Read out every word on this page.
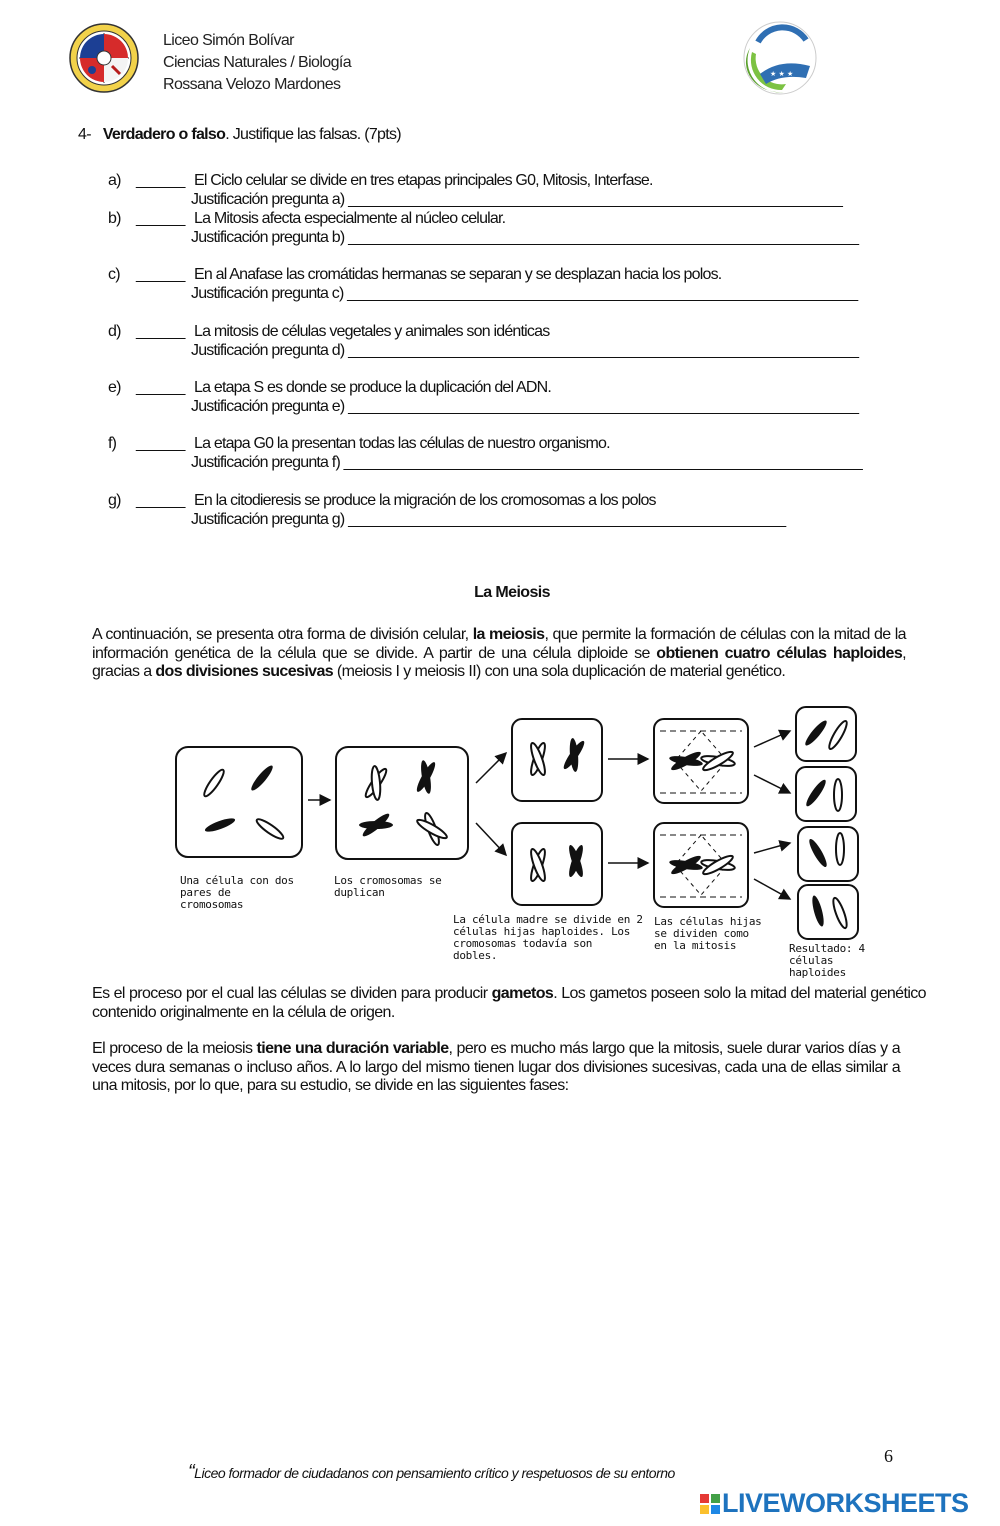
Liceo Simón Bolívar
Ciencias Naturales / Biología
Rossana Velozo Mardones
★ ★ ★
4- Verdadero o falso. Justifique las falsas. (7pts)
a) ______ El Ciclo celular se divide en tres etapas principales G0, Mitosis, Interfase.
Justificación pregunta a) _____________________________________________________________
b) ______ La Mitosis afecta especialmente al núcleo celular.
Justificación pregunta b) _______________________________________________________________
c) ______ En al Anafase las cromátidas hermanas se separan y se desplazan hacia los polos.
Justificación pregunta c) _______________________________________________________________
d) ______ La mitosis de células vegetales y animales son idénticas
Justificación pregunta d) _______________________________________________________________
e) ______ La etapa S es donde se produce la duplicación del ADN.
Justificación pregunta e) _______________________________________________________________
f) ______ La etapa G0 la presentan todas las células de nuestro organismo.
Justificación pregunta f) ________________________________________________________________
g) ______ En la citodieresis se produce la migración de los cromosomas a los polos
Justificación pregunta g) ______________________________________________________
La Meiosis
A continuación, se presenta otra forma de división celular, la meiosis, que permite la formación de células con la mitad de la información genética de la célula que se divide. A partir de una célula diploide se obtienen cuatro células haploides, gracias a dos divisiones sucesivas (meiosis I y meiosis II) con una sola duplicación de material genético.
Una célula con dos
pares de
cromosomas
Los cromosomas se
duplican
La célula madre se divide en 2
células hijas haploides. Los
cromosomas todavía son
dobles.
Las células hijas
se dividen como
en la mitosis	Resultado: 4
células
haploides
Es el proceso por el cual las células se dividen para producir gametos. Los gametos poseen solo la mitad del material genético contenido originalmente en la célula de origen.
El proceso de la meiosis tiene una duración variable, pero es mucho más largo que la mitosis, suele durar varios días y a veces dura semanas o incluso años. A lo largo del mismo tienen lugar dos divisiones sucesivas, cada una de ellas similar a una mitosis, por lo que, para su estudio, se divide en las siguientes fases:
6
“Liceo formador de ciudadanos con pensamiento crítico y respetuosos de su entorno
LIVEWORKSHEETS
